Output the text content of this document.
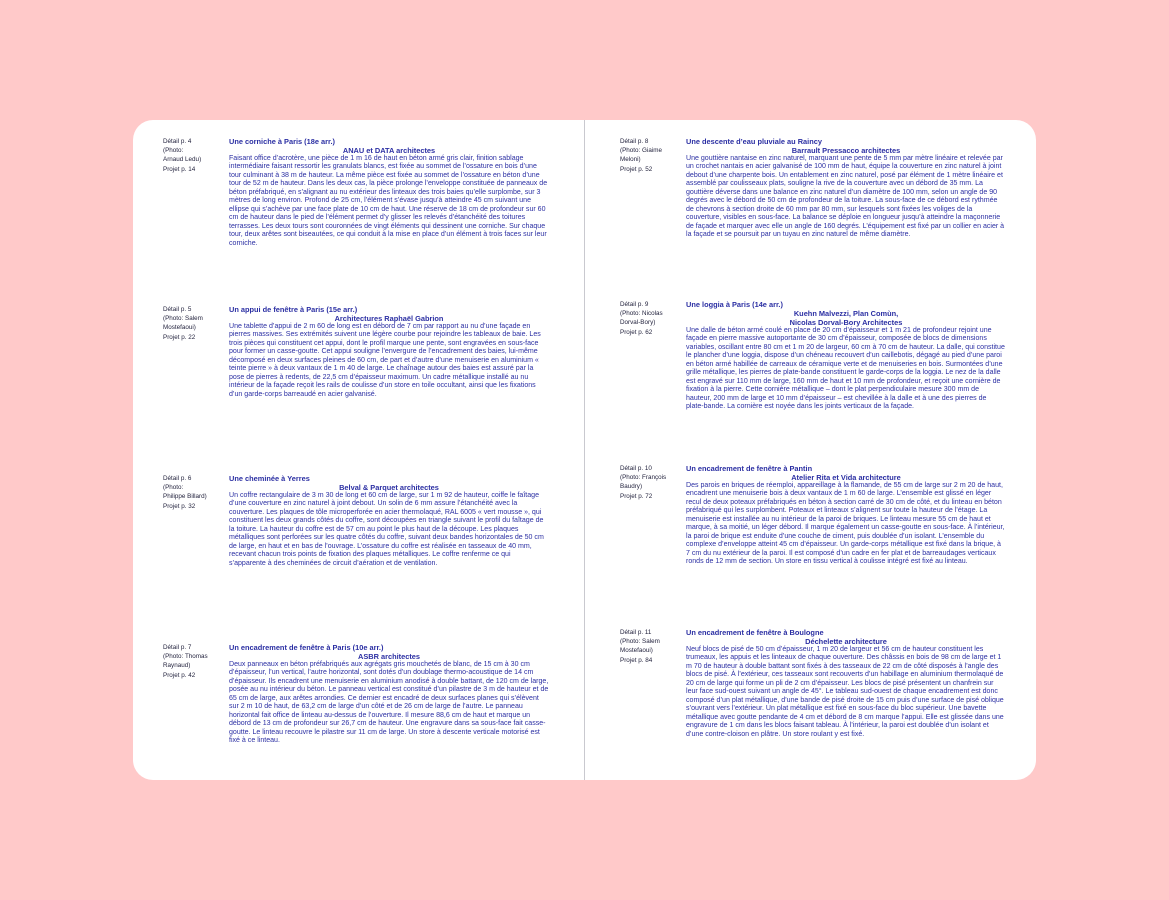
Détail p. 4
(Photo:
Arnaud Ledu)
Projet p. 14
Une corniche à Paris (18e arr.)
ANAU et DATA architectes
Faisant office d’acrotère, une pièce de 1 m 16 de haut en béton armé gris clair, finition sablage intermédiaire faisant ressortir les granulats blancs, est fixée au sommet de l’ossature en bois d’une tour culminant à 38 m de hauteur. La même pièce est fixée au sommet de l’ossature en béton d’une tour de 52 m de hauteur. Dans les deux cas, la pièce prolonge l’enveloppe constituée de panneaux de béton préfabriqué, en s’alignant au nu extérieur des linteaux des trois baies qu’elle surplombe, sur 3 mètres de long environ. Profond de 25 cm, l’élément s’évase jusqu’à atteindre 45 cm suivant une ellipse qui s’achève par une face plate de 10 cm de haut. Une réserve de 18 cm de profondeur sur 60 cm de hauteur dans le pied de l’élément permet d’y glisser les relevés d’étanchéité des toitures terrasses. Les deux tours sont couronnées de vingt éléments qui dessinent une corniche. Sur chaque tour, deux arêtes sont biseautées, ce qui conduit à la mise en place d’un élément à trois faces sur leur corniche.
Détail p. 5
(Photo: Salem
Mostefaoui)
Projet p. 22
Un appui de fenêtre à Paris (15e arr.)
Architectures Raphaël Gabrion
Une tablette d’appui de 2 m 60 de long est en débord de 7 cm par rapport au nu d’une façade en pierres massives. Ses extrémités suivent une légère courbe pour rejoindre les tableaux de baie. Les trois pièces qui constituent cet appui, dont le profil marque une pente, sont engravées en sous-face pour former un casse-goutte. Cet appui souligne l’envergure de l’encadrement des baies, lui-même décomposé en deux surfaces pleines de 60 cm, de part et d’autre d’une menuiserie en aluminium « teinte pierre » à deux vantaux de 1 m 40 de large. Le chaînage autour des baies est assuré par la pose de pierres à redents, de 22,5 cm d’épaisseur maximum. Un cadre métallique installé au nu intérieur de la façade reçoit les rails de coulisse d’un store en toile occultant, ainsi que les fixations d’un garde-corps barreaudé en acier galvanisé.
Détail p. 6
(Photo:
Philippe Billard)
Projet p. 32
Une cheminée à Yerres
Belval & Parquet architectes
Un coffre rectangulaire de 3 m 30 de long et 60 cm de large, sur 1 m 92 de hauteur, coiffe le faîtage d’une couverture en zinc naturel à joint debout. Un solin de 6 mm assure l’étanchéité avec la couverture. Les plaques de tôle microperforée en acier thermolaqué, RAL 6005 « vert mousse », qui constituent les deux grands côtés du coffre, sont découpées en triangle suivant le profil du faîtage de la toiture. La hauteur du coffre est de 57 cm au point le plus haut de la découpe. Les plaques métalliques sont perforées sur les quatre côtés du coffre, suivant deux bandes horizontales de 50 cm de large, en haut et en bas de l’ouvrage. L’ossature du coffre est réalisée en tasseaux de 40 mm, recevant chacun trois points de fixation des plaques métalliques. Le coffre renferme ce qui s’apparente à des cheminées de circuit d’aération et de ventilation.
Détail p. 7
(Photo: Thomas
Raynaud)
Projet p. 42
Un encadrement de fenêtre à Paris (10e arr.)
ASBR architectes
Deux panneaux en béton préfabriqués aux agrégats gris mouchetés de blanc, de 15 cm à 30 cm d’épaisseur, l’un vertical, l’autre horizontal, sont dotés d’un doublage thermo-acoustique de 14 cm d’épaisseur. Ils encadrent une menuiserie en aluminium anodisé à double battant, de 120 cm de large, posée au nu intérieur du béton. Le panneau vertical est constitué d’un pilastre de 3 m de hauteur et de 65 cm de large, aux arêtes arrondies. Ce dernier est encadré de deux surfaces planes qui s’élèvent sur 2 m 10 de haut, de 63,2 cm de large d’un côté et de 26 cm de large de l’autre. Le panneau horizontal fait office de linteau au-dessus de l’ouverture. Il mesure 88,6 cm de haut et marque un débord de 13 cm de profondeur sur 26,7 cm de hauteur. Une engravure dans sa sous-face fait casse-goutte. Le linteau recouvre le pilastre sur 11 cm de large. Un store à descente verticale motorisé est fixé à ce linteau.
Détail p. 8
(Photo: Giaime
Meloni)
Projet p. 52
Une descente d’eau pluviale au Raincy
Barrault Pressacco architectes
Une gouttière nantaise en zinc naturel, marquant une pente de 5 mm par mètre linéaire et relevée par un crochet nantais en acier galvanisé de 100 mm de haut, équipe la couverture en zinc naturel à joint debout d’une charpente bois. Un entablement en zinc naturel, posé par élément de 1 mètre linéaire et assemblé par coulisseaux plats, souligne la rive de la couverture avec un débord de 35 mm. La gouttière déverse dans une balance en zinc naturel d’un diamètre de 100 mm, selon un angle de 90 degrés avec le débord de 50 cm de profondeur de la toiture. La sous-face de ce débord est rythmée de chevrons à section droite de 60 mm par 80 mm, sur lesquels sont fixées les voliges de la couverture, visibles en sous-face. La balance se déploie en longueur jusqu’à atteindre la maçonnerie de façade et marquer avec elle un angle de 160 degrés. L’équipement est fixé par un collier en acier à la façade et se poursuit par un tuyau en zinc naturel de même diamètre.
Détail p. 9
(Photo: Nicolas
Dorval-Bory)
Projet p. 62
Une loggia à Paris (14e arr.)
Kuehn Malvezzi, Plan Comùn,
Nicolas Dorval-Bory Architectes
Une dalle de béton armé coulé en place de 20 cm d’épaisseur et 1 m 21 de profondeur rejoint une façade en pierre massive autoportante de 30 cm d’épaisseur, composée de blocs de dimensions variables, oscillant entre 80 cm et 1 m 20 de largeur, 60 cm à 70 cm de hauteur. La dalle, qui constitue le plancher d’une loggia, dispose d’un chéneau recouvert d’un caillebotis, dégagé au pied d’une paroi en béton armé habillée de carreaux de céramique verte et de menuiseries en bois. Surmontées d’une grille métallique, les pierres de plate-bande constituent le garde-corps de la loggia. Le nez de la dalle est engravé sur 110 mm de large, 160 mm de haut et 10 mm de profondeur, et reçoit une cornière de fixation à la pierre. Cette cornière métallique – dont le plat perpendiculaire mesure 300 mm de hauteur, 200 mm de large et 10 mm d’épaisseur – est chevillée à la dalle et à une des pierres de plate-bande. La cornière est noyée dans les joints verticaux de la façade.
Détail p. 10
(Photo: François
Baudry)
Projet p. 72
Un encadrement de fenêtre à Pantin
Atelier Rita et Vida architecture
Des parois en briques de réemploi, appareillage à la flamande, de 55 cm de large sur 2 m 20 de haut, encadrent une menuiserie bois à deux vantaux de 1 m 60 de large. L’ensemble est glissé en léger recul de deux poteaux préfabriqués en béton à section carré de 30 cm de côté, et du linteau en béton préfabriqué qui les surplombent. Poteaux et linteaux s’alignent sur toute la hauteur de l’étage. La menuiserie est installée au nu intérieur de la paroi de briques. Le linteau mesure 55 cm de haut et marque, à sa moitié, un léger débord. Il marque également un casse-goutte en sous-face. À l’intérieur, la paroi de brique est enduite d’une couche de ciment, puis doublée d’un isolant. L’ensemble du complexe d’enveloppe atteint 45 cm d’épaisseur. Un garde-corps métallique est fixé dans la brique, à 7 cm du nu extérieur de la paroi. Il est composé d’un cadre en fer plat et de barreaudages verticaux ronds de 12 mm de section. Un store en tissu vertical à coulisse intégré est fixé au linteau.
Détail p. 11
(Photo: Salem
Mostefaoui)
Projet p. 84
Un encadrement de fenêtre à Boulogne
Déchelette architecture
Neuf blocs de pisé de 50 cm d’épaisseur, 1 m 20 de largeur et 56 cm de hauteur constituent les trumeaux, les appuis et les linteaux de chaque ouverture. Des châssis en bois de 98 cm de large et 1 m 70 de hauteur à double battant sont fixés à des tasseaux de 22 cm de côté disposés à l’angle des blocs de pisé. À l’extérieur, ces tasseaux sont recouverts d’un habillage en aluminium thermolaqué de 20 cm de large qui forme un pli de 2 cm d’épaisseur. Les blocs de pisé présentent un chanfrein sur leur face sud-ouest suivant un angle de 45°. Le tableau sud-ouest de chaque encadrement est donc composé d’un plat métallique, d’une bande de pisé droite de 15 cm puis d’une surface de pisé oblique s’ouvrant vers l’extérieur. Un plat métallique est fixé en sous-face du bloc supérieur. Une bavette métallique avec goutte pendante de 4 cm et débord de 8 cm marque l’appui. Elle est glissée dans une engravure de 1 cm dans les blocs faisant tableau. À l’intérieur, la paroi est doublée d’un isolant et d’une contre-cloison en plâtre. Un store roulant y est fixé.
